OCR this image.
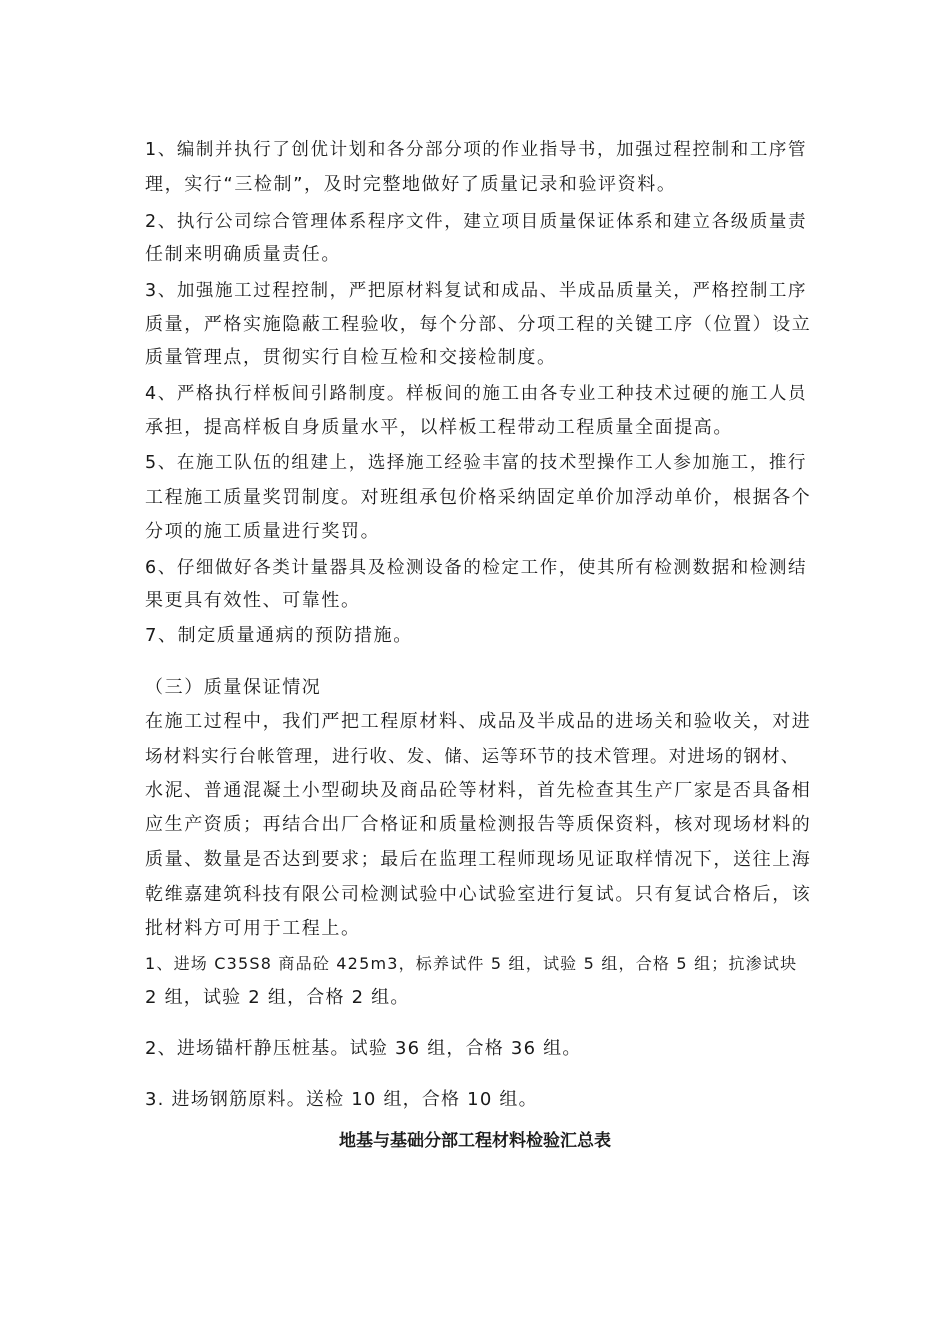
1、编制并执行了创优计划和各分部分项的作业指导书，加强过程控制和工序管
理，实行“三检制”，及时完整地做好了质量记录和验评资料。
2、执行公司综合管理体系程序文件，建立项目质量保证体系和建立各级质量责
任制来明确质量责任。
3、加强施工过程控制，严把原材料复试和成品、半成品质量关，严格控制工序
质量，严格实施隐蔽工程验收，每个分部、分项工程的关键工序（位置）设立
质量管理点，贯彻实行自检互检和交接检制度。
4、严格执行样板间引路制度。样板间的施工由各专业工种技术过硬的施工人员
承担，提高样板自身质量水平，以样板工程带动工程质量全面提高。
5、在施工队伍的组建上，选择施工经验丰富的技术型操作工人参加施工，推行
工程施工质量奖罚制度。对班组承包价格采纳固定单价加浮动单价，根据各个
分项的施工质量进行奖罚。
6、仔细做好各类计量器具及检测设备的检定工作，使其所有检测数据和检测结
果更具有效性、可靠性。
7、制定质量通病的预防措施。
（三）质量保证情况
在施工过程中，我们严把工程原材料、成品及半成品的进场关和验收关，对进
场材料实行台帐管理，进行收、发、储、运等环节的技术管理。对进场的钢材、
水泥、普通混凝土小型砌块及商品砼等材料，首先检查其生产厂家是否具备相
应生产资质；再结合出厂合格证和质量检测报告等质保资料，核对现场材料的
质量、数量是否达到要求；最后在监理工程师现场见证取样情况下，送往上海
乾维嘉建筑科技有限公司检测试验中心试验室进行复试。只有复试合格后，该
批材料方可用于工程上。
1、进场 C35S8 商品砼 425m3，标养试件 5 组，试验 5 组，合格 5 组；抗渗试块
2 组，试验 2 组，合格 2 组。
2、进场锚杆静压桩基。试验 36 组，合格 36 组。
3. 进场钢筋原料。送检 10 组，合格 10 组。
地基与基础分部工程材料检验汇总表
